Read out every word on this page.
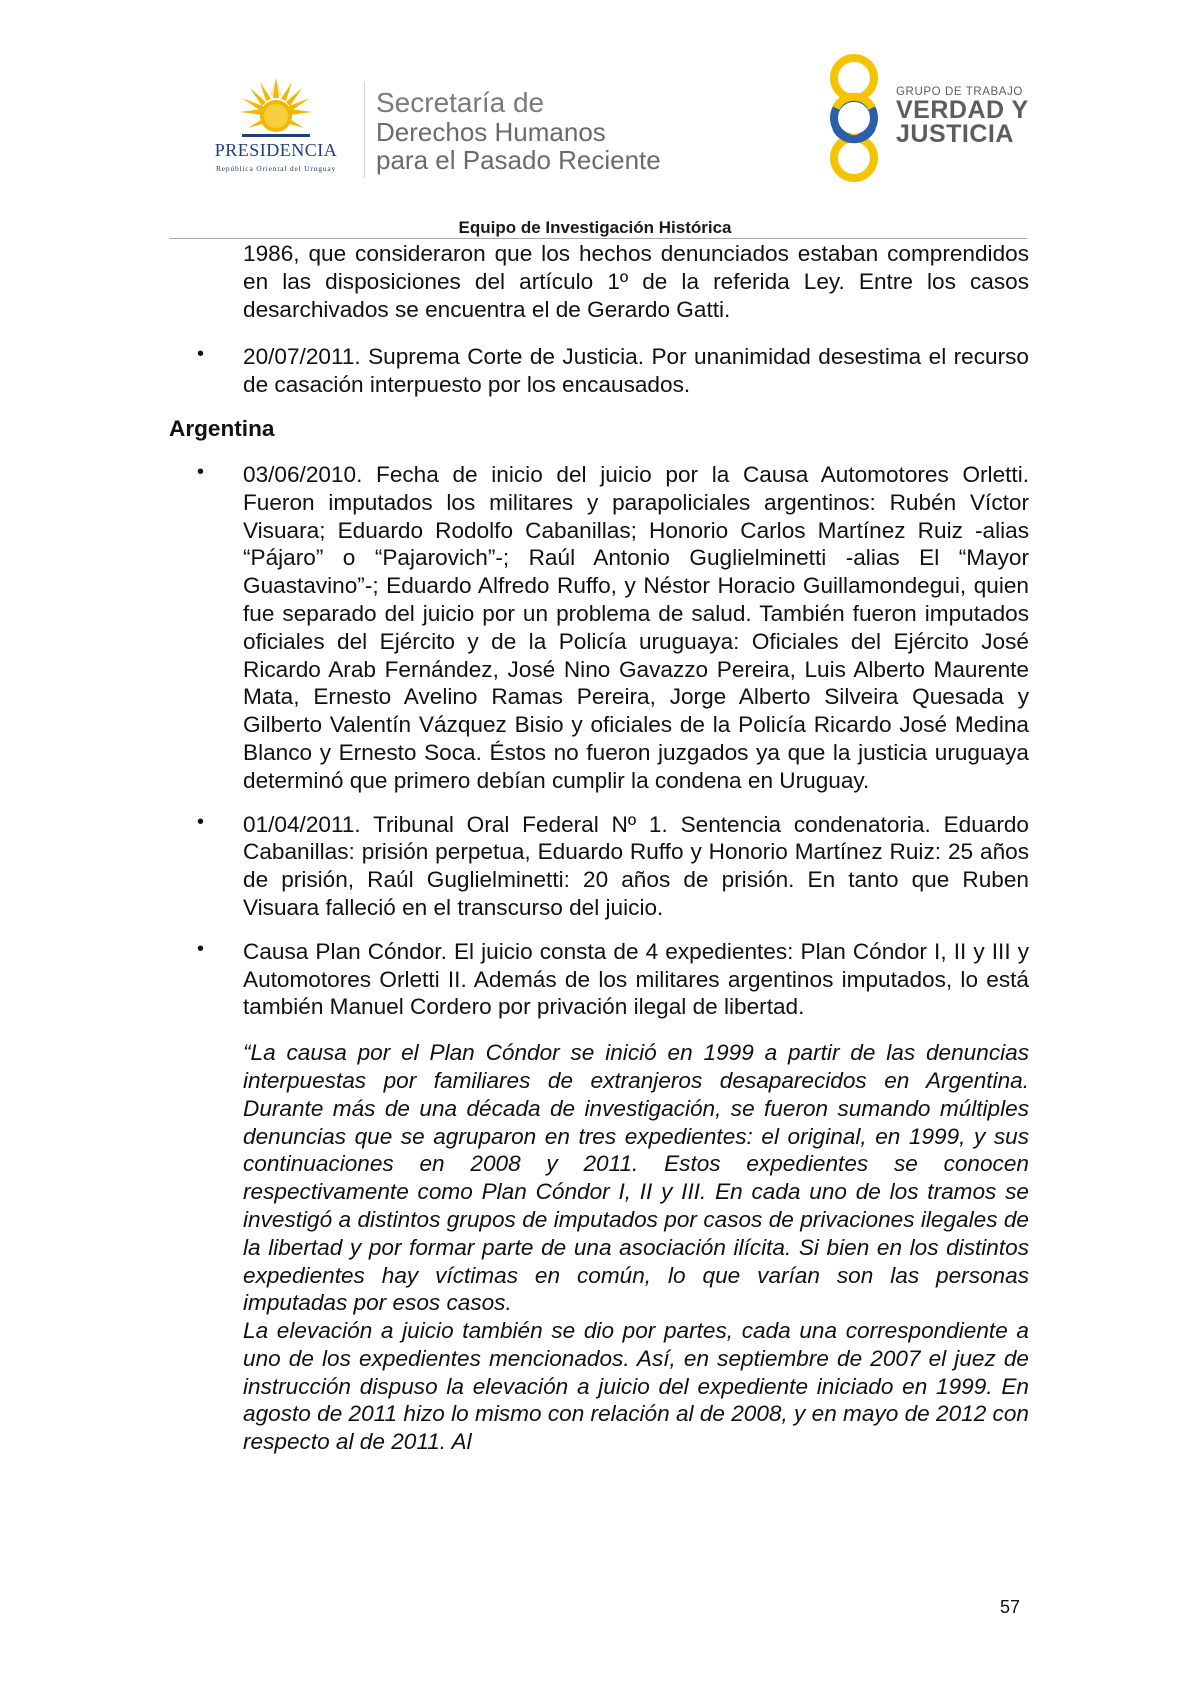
PRESIDENCIA
República Oriental del Uruguay
Secretaría de
Derechos Humanos
para el Pasado Reciente
GRUPO DE TRABAJO
VERDAD Y
JUSTICIA
Equipo de Investigación Histórica

1986, que consideraron que los hechos denunciados estaban comprendidos en las disposiciones del artículo 1º de la referida Ley. Entre los casos desarchivados se encuentra el de Gerardo Gatti.

• 20/07/2011. Suprema Corte de Justicia. Por unanimidad desestima el recurso de casación interpuesto por los encausados.

Argentina

• 03/06/2010. Fecha de inicio del juicio por la Causa Automotores Orletti. Fueron imputados los militares y parapoliciales argentinos: Rubén Víctor Visuara; Eduardo Rodolfo Cabanillas; Honorio Carlos Martínez Ruiz -alias “Pájaro” o “Pajarovich”-; Raúl Antonio Guglielminetti -alias El “Mayor Guastavino”-; Eduardo Alfredo Ruffo, y Néstor Horacio Guillamondegui, quien fue separado del juicio por un problema de salud. También fueron imputados oficiales del Ejército y de la Policía uruguaya: Oficiales del Ejército José Ricardo Arab Fernández, José Nino Gavazzo Pereira, Luis Alberto Maurente Mata, Ernesto Avelino Ramas Pereira, Jorge Alberto Silveira Quesada y Gilberto Valentín Vázquez Bisio y oficiales de la Policía Ricardo José Medina Blanco y Ernesto Soca. Éstos no fueron juzgados ya que la justicia uruguaya determinó que primero debían cumplir la condena en Uruguay.

• 01/04/2011. Tribunal Oral Federal Nº 1. Sentencia condenatoria. Eduardo Cabanillas: prisión perpetua, Eduardo Ruffo y Honorio Martínez Ruiz: 25 años de prisión, Raúl Guglielminetti: 20 años de prisión. En tanto que Ruben Visuara falleció en el transcurso del juicio.

• Causa Plan Cóndor. El juicio consta de 4 expedientes: Plan Cóndor I, II y III y Automotores Orletti II. Además de los militares argentinos imputados, lo está también Manuel Cordero por privación ilegal de libertad.

“La causa por el Plan Cóndor se inició en 1999 a partir de las denuncias interpuestas por familiares de extranjeros desaparecidos en Argentina. Durante más de una década de investigación, se fueron sumando múltiples denuncias que se agruparon en tres expedientes: el original, en 1999, y sus continuaciones en 2008 y 2011. Estos expedientes se conocen respectivamente como Plan Cóndor I, II y III. En cada uno de los tramos se investigó a distintos grupos de imputados por casos de privaciones ilegales de la libertad y por formar parte de una asociación ilícita. Si bien en los distintos expedientes hay víctimas en común, lo que varían son las personas imputadas por esos casos.

La elevación a juicio también se dio por partes, cada una correspondiente a uno de los expedientes mencionados. Así, en septiembre de 2007 el juez de instrucción dispuso la elevación a juicio del expediente iniciado en 1999. En agosto de 2011 hizo lo mismo con relación al de 2008, y en mayo de 2012 con respecto al de 2011. Al

57
